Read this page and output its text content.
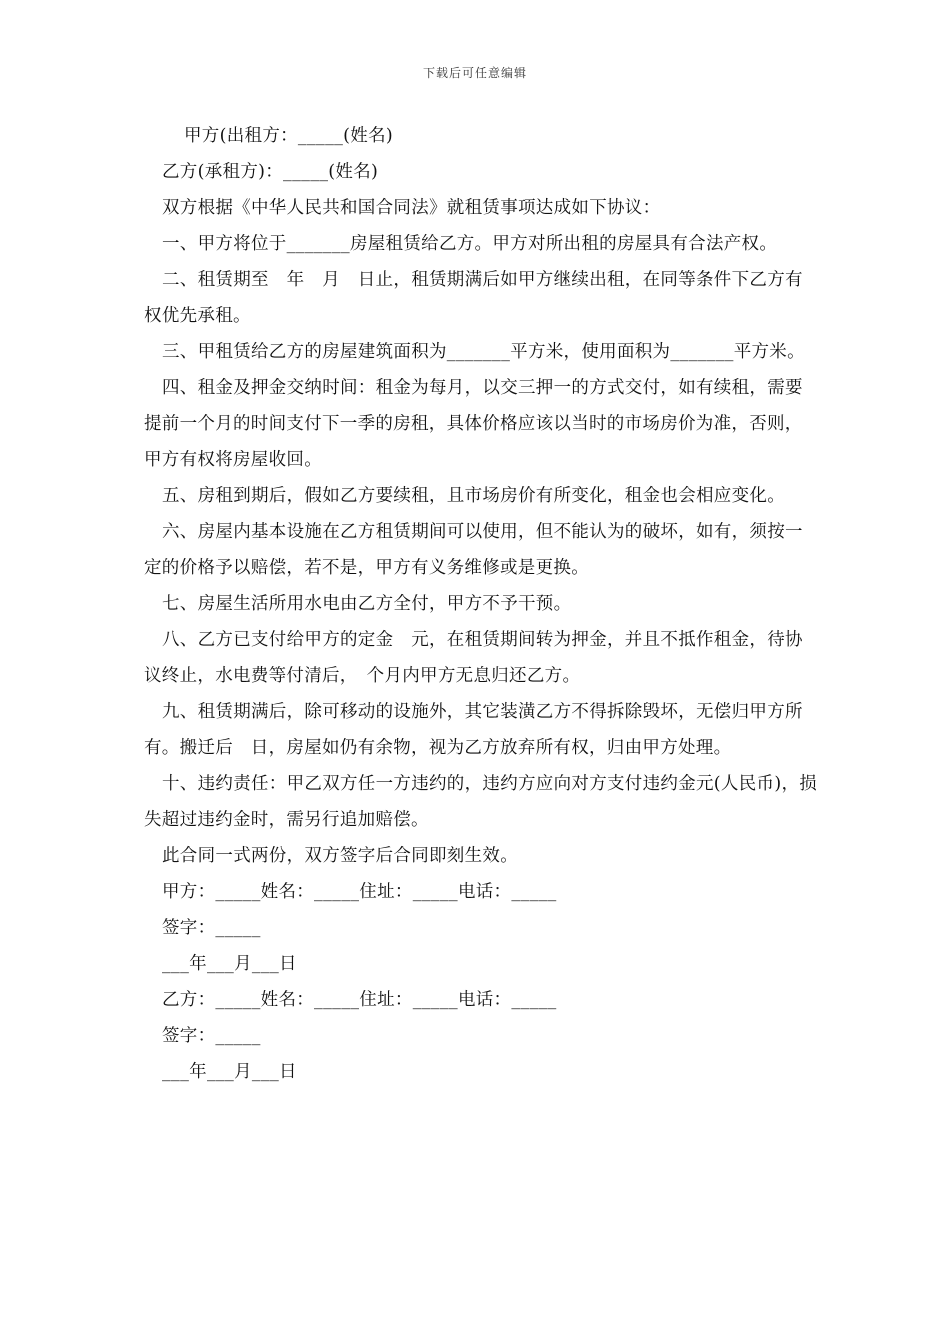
下载后可任意编辑

甲方(出租方：_____(姓名)

乙方(承租方)：_____(姓名)

双方根据《中华人民共和国合同法》就租赁事项达成如下协议：

一、甲方将位于_______房屋租赁给乙方。甲方对所出租的房屋具有合法产权。

二、租赁期至　年　月　日止，租赁期满后如甲方继续出租，在同等条件下乙方有权优先承租。

三、甲租赁给乙方的房屋建筑面积为_______平方米，使用面积为_______平方米。

四、租金及押金交纳时间：租金为每月，以交三押一的方式交付，如有续租，需要提前一个月的时间支付下一季的房租，具体价格应该以当时的市场房价为准，否则，甲方有权将房屋收回。

五、房租到期后，假如乙方要续租，且市场房价有所变化，租金也会相应变化。

六、房屋内基本设施在乙方租赁期间可以使用，但不能认为的破坏，如有，须按一定的价格予以赔偿，若不是，甲方有义务维修或是更换。

七、房屋生活所用水电由乙方全付，甲方不予干预。

八、乙方已支付给甲方的定金　元，在租赁期间转为押金，并且不抵作租金，待协议终止，水电费等付清后，　个月内甲方无息归还乙方。

九、租赁期满后，除可移动的设施外，其它装潢乙方不得拆除毁坏，无偿归甲方所有。搬迁后　日，房屋如仍有余物，视为乙方放弃所有权，归由甲方处理。

十、违约责任：甲乙双方任一方违约的，违约方应向对方支付违约金元(人民币)，损失超过违约金时，需另行追加赔偿。

此合同一式两份，双方签字后合同即刻生效。

甲方：_____姓名：_____住址：_____电话：_____

签字：_____

___年___月___日

乙方：_____姓名：_____住址：_____电话：_____

签字：_____

___年___月___日
